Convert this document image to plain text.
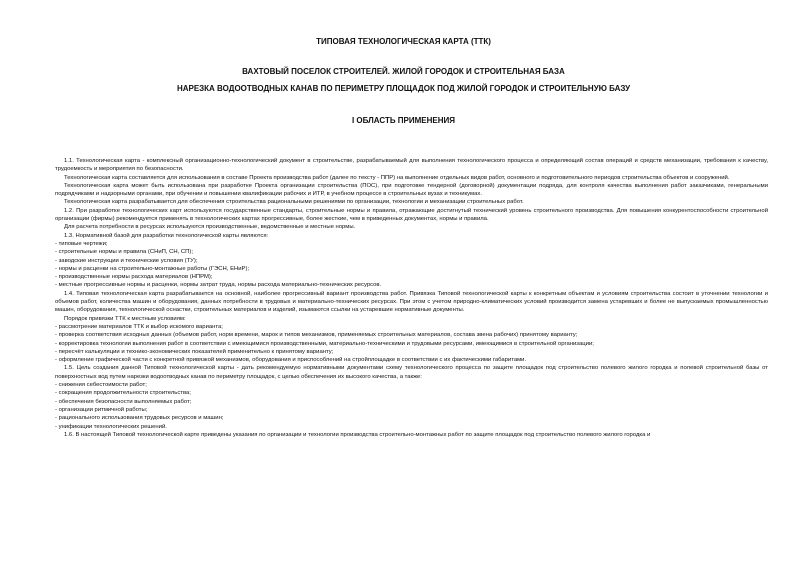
ТИПОВАЯ ТЕХНОЛОГИЧЕСКАЯ КАРТА (ТТК)
ВАХТОВЫЙ ПОСЕЛОК СТРОИТЕЛЕЙ. ЖИЛОЙ ГОРОДОК И СТРОИТЕЛЬНАЯ БАЗА
НАРЕЗКА ВОДООТВОДНЫХ КАНАВ ПО ПЕРИМЕТРУ ПЛОЩАДОК ПОД ЖИЛОЙ ГОРОДОК И СТРОИТЕЛЬНУЮ БАЗУ
I ОБЛАСТЬ ПРИМЕНЕНИЯ

1.1. Технологическая карта - комплексный организационно-технологический документ в строительстве, разрабатываемый для выполнения технологического процесса и определяющий состав операций и средств механизации, требования к качеству, трудоемкость и мероприятия по безопасности.

Технологическая карта составляется для использования в составе Проекта производства работ (далее по тексту - ППР) на выполнение отдельных видов работ, основного и подготовительного периодов строительства объектов и сооружений.

Технологическая карта может быть использована при разработке Проекта организации строительства (ПОС), при подготовке тендерной (договорной) документации подряда, для контроля качества выполнения работ заказчиками, генеральными подрядчиками и надзорными органами, при обучении и повышении квалификации рабочих и ИТР, в учебном процессе в строительных вузах и техникумах.

Технологическая карта разрабатывается для обеспечения строительства рациональными решениями по организации, технологии и механизации строительных работ.

1.2. При разработке технологических карт используются государственные стандарты, строительные нормы и правила, отражающие достигнутый технический уровень строительного производства. Для повышения конкурентоспособности строительной организации (фирмы) рекомендуется применять в технологических картах прогрессивные, более жесткие, чем в приведенных документах, нормы и правила.

Для расчета потребности в ресурсах используются производственные, ведомственные и местные нормы.

1.3. Нормативной базой для разработки технологической карты являются:

- типовые чертежи;

- строительные нормы и правила (СНиП, СН, СП);

- заводские инструкции и технические условия (ТУ);

- нормы и расценки на строительно-монтажные работы (ГЭСН, ЕНиР);

- производственные нормы расхода материалов (НПРМ);

- местные прогрессивные нормы и расценки, нормы затрат труда, нормы расхода материально-технических ресурсов.

1.4. Типовая технологическая карта разрабатывается на основной, наиболее прогрессивный вариант производства работ. Привязка Типовой технологической карты к конкретным объектам и условиям строительства состоит в уточнении технологии и объемов работ, количества машин и оборудования, данных потребности в трудовых и материально-технических ресурсах. При этом с учетом природно-климатических условий производится замена устаревших и более не выпускаемых промышленностью машин, оборудования, технологической оснастки, строительных материалов и изделий, изымаются ссылки на устаревшие нормативные документы.

Порядок привязки ТТК к местным условиям:

- рассмотрение материалов ТТК и выбор искомого варианта;

- проверка соответствия исходных данных (объемов работ, норм времени, марок и типов механизмов, применяемых строительных материалов, состава звена рабочих) принятому варианту;

- корректировка технологии выполнения работ в соответствии с имеющимися производственными, материально-техническими и трудовыми ресурсами, имеющимися в строительной организации;

- пересчёт калькуляции и технико-экономических показателей применительно к принятому варианту;

- оформление графической части с конкретной привязкой механизмов, оборудования и приспособлений на стройплощадке в соответствии с их фактическими габаритами.

1.5. Цель создания данной Типовой технологической карты - дать рекомендуемую нормативными документами схему технологического процесса по защите площадок под строительство полевого жилого городка и полевой строительной базы от поверхностных вод путем нарезки водоотводных канав по периметру площадок, с целью обеспечения их высокого качества, а также:

- снижения себестоимости работ;

- сокращения продолжительности строительства;

- обеспечения безопасности выполняемых работ;

- организации ритмичной работы;

- рационального использования трудовых ресурсов и машин;

- унификации технологических решений.

1.6. В настоящей Типовой технологической карте приведены указания по организации и технологии производства строительно-монтажных работ по защите площадок под строительство полевого жилого городка и
